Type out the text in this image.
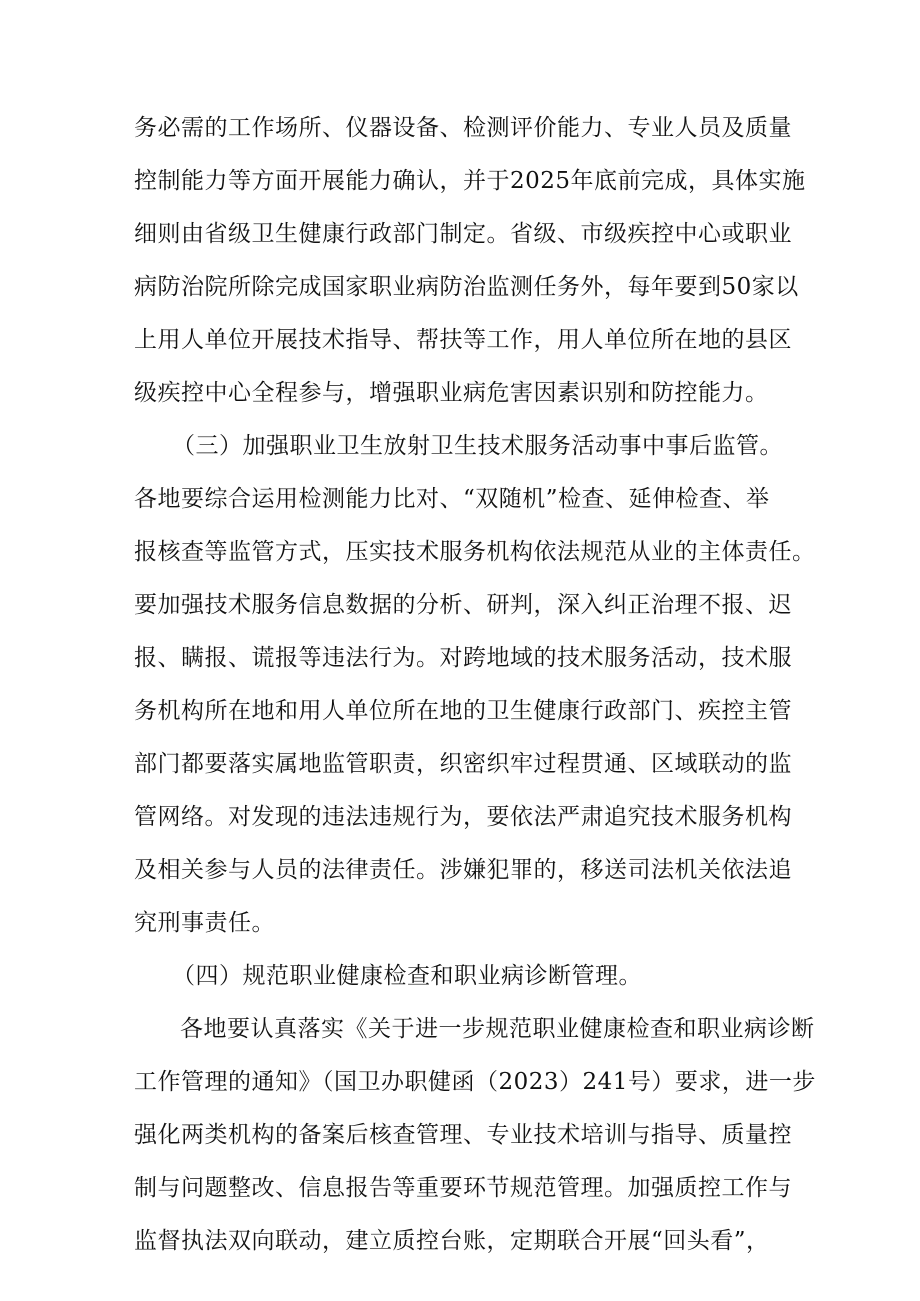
务必需的工作场所、仪器设备、检测评价能力、专业人员及质量
控制能力等方面开展能力确认，并于2025年底前完成，具体实施
细则由省级卫生健康行政部门制定。省级、市级疾控中心或职业
病防治院所除完成国家职业病防治监测任务外，每年要到50家以
上用人单位开展技术指导、帮扶等工作，用人单位所在地的县区
级疾控中心全程参与，增强职业病危害因素识别和防控能力。
（三）加强职业卫生放射卫生技术服务活动事中事后监管。
各地要综合运用检测能力比对、“双随机”检查、延伸检查、举
报核查等监管方式，压实技术服务机构依法规范从业的主体责任。
要加强技术服务信息数据的分析、研判，深入纠正治理不报、迟
报、瞒报、谎报等违法行为。对跨地域的技术服务活动，技术服
务机构所在地和用人单位所在地的卫生健康行政部门、疾控主管
部门都要落实属地监管职责，织密织牢过程贯通、区域联动的监
管网络。对发现的违法违规行为，要依法严肃追究技术服务机构
及相关参与人员的法律责任。涉嫌犯罪的，移送司法机关依法追
究刑事责任。
（四）规范职业健康检查和职业病诊断管理。
各地要认真落实《关于进一步规范职业健康检查和职业病诊断
工作管理的通知》（国卫办职健函（2023）241号）要求，进一步
强化两类机构的备案后核查管理、专业技术培训与指导、质量控
制与问题整改、信息报告等重要环节规范管理。加强质控工作与
监督执法双向联动，建立质控台账，定期联合开展“回头看”，
